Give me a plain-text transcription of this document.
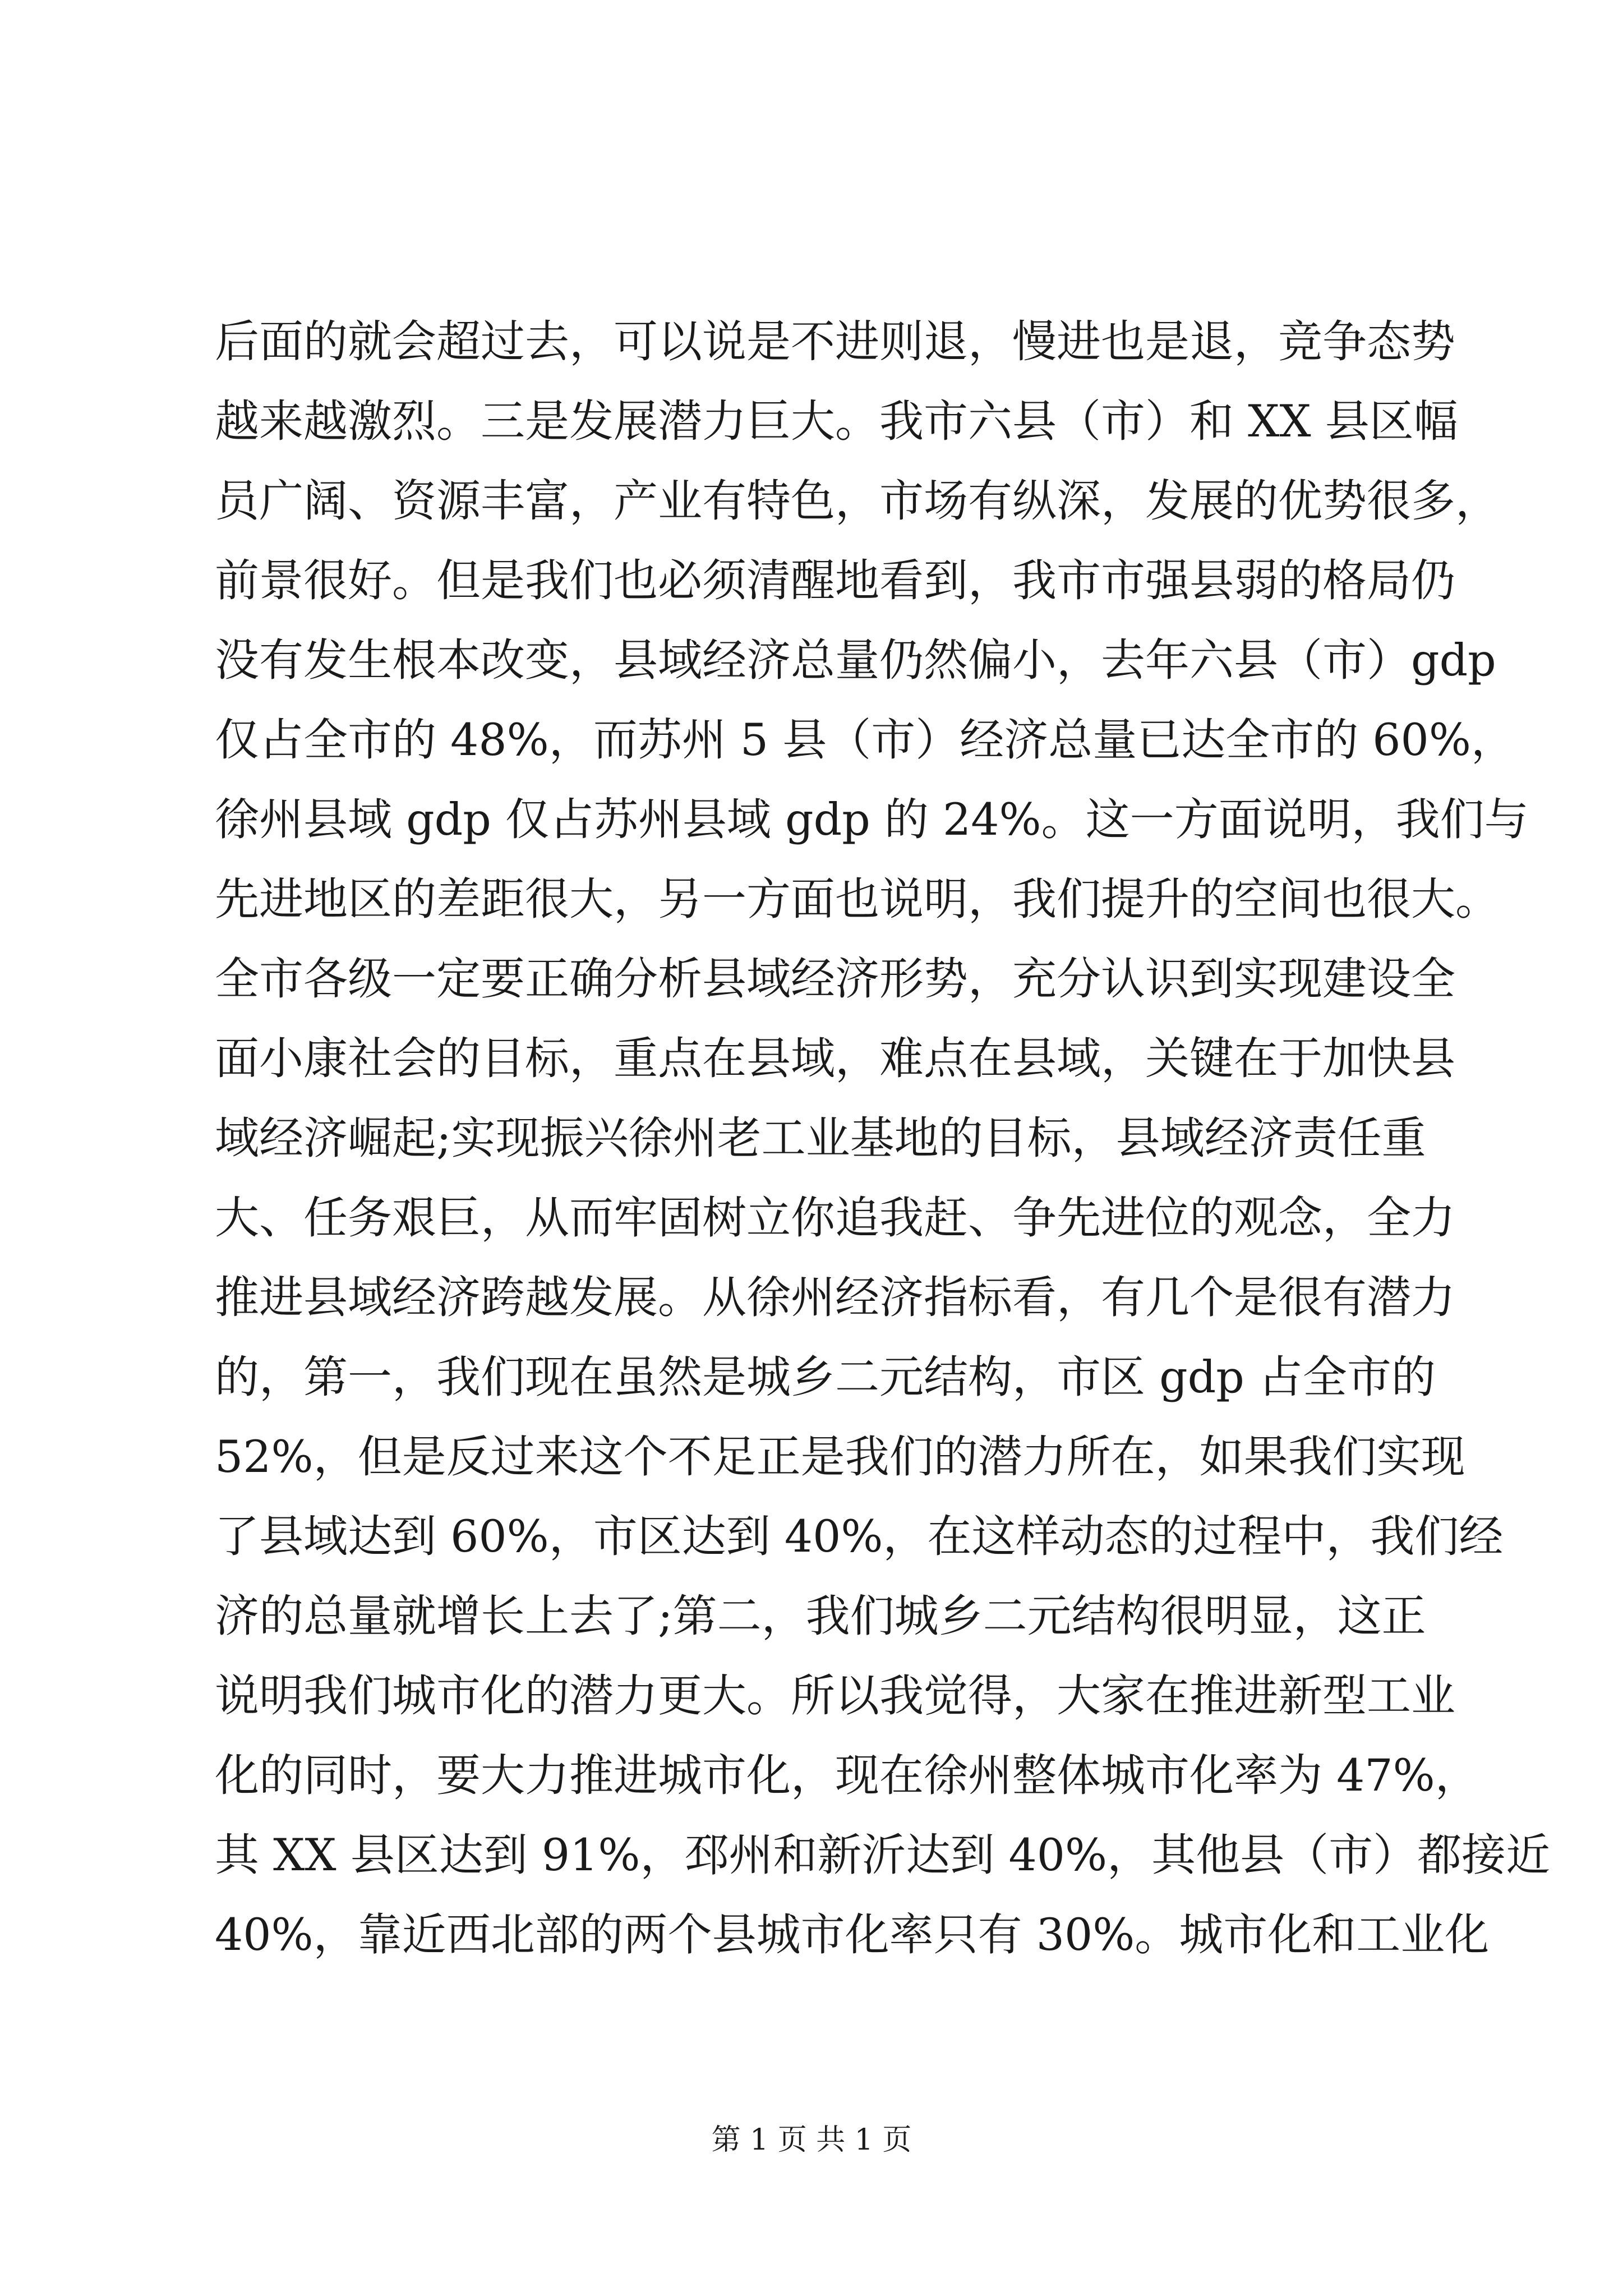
后面的就会超过去，可以说是不进则退，慢进也是退，竞争态势
越来越激烈。三是发展潜力巨大。我市六县（市）和 XX 县区幅
员广阔、资源丰富，产业有特色，市场有纵深，发展的优势很多，
前景很好。但是我们也必须清醒地看到，我市市强县弱的格局仍
没有发生根本改变，县域经济总量仍然偏小，去年六县（市）gdp
仅占全市的 48%，而苏州 5 县（市）经济总量已达全市的 60%，
徐州县域 gdp 仅占苏州县域 gdp 的 24%。这一方面说明，我们与
先进地区的差距很大，另一方面也说明，我们提升的空间也很大。
全市各级一定要正确分析县域经济形势，充分认识到实现建设全
面小康社会的目标，重点在县域，难点在县域，关键在于加快县
域经济崛起;实现振兴徐州老工业基地的目标，县域经济责任重
大、任务艰巨，从而牢固树立你追我赶、争先进位的观念，全力
推进县域经济跨越发展。从徐州经济指标看，有几个是很有潜力
的，第一，我们现在虽然是城乡二元结构，市区 gdp 占全市的
52%，但是反过来这个不足正是我们的潜力所在，如果我们实现
了县域达到 60%，市区达到 40%，在这样动态的过程中，我们经
济的总量就增长上去了;第二，我们城乡二元结构很明显，这正
说明我们城市化的潜力更大。所以我觉得，大家在推进新型工业
化的同时，要大力推进城市化，现在徐州整体城市化率为 47%，
其 XX 县区达到 91%，邳州和新沂达到 40%，其他县（市）都接近
40%，靠近西北部的两个县城市化率只有 30%。城市化和工业化
第 1 页 共 1 页
